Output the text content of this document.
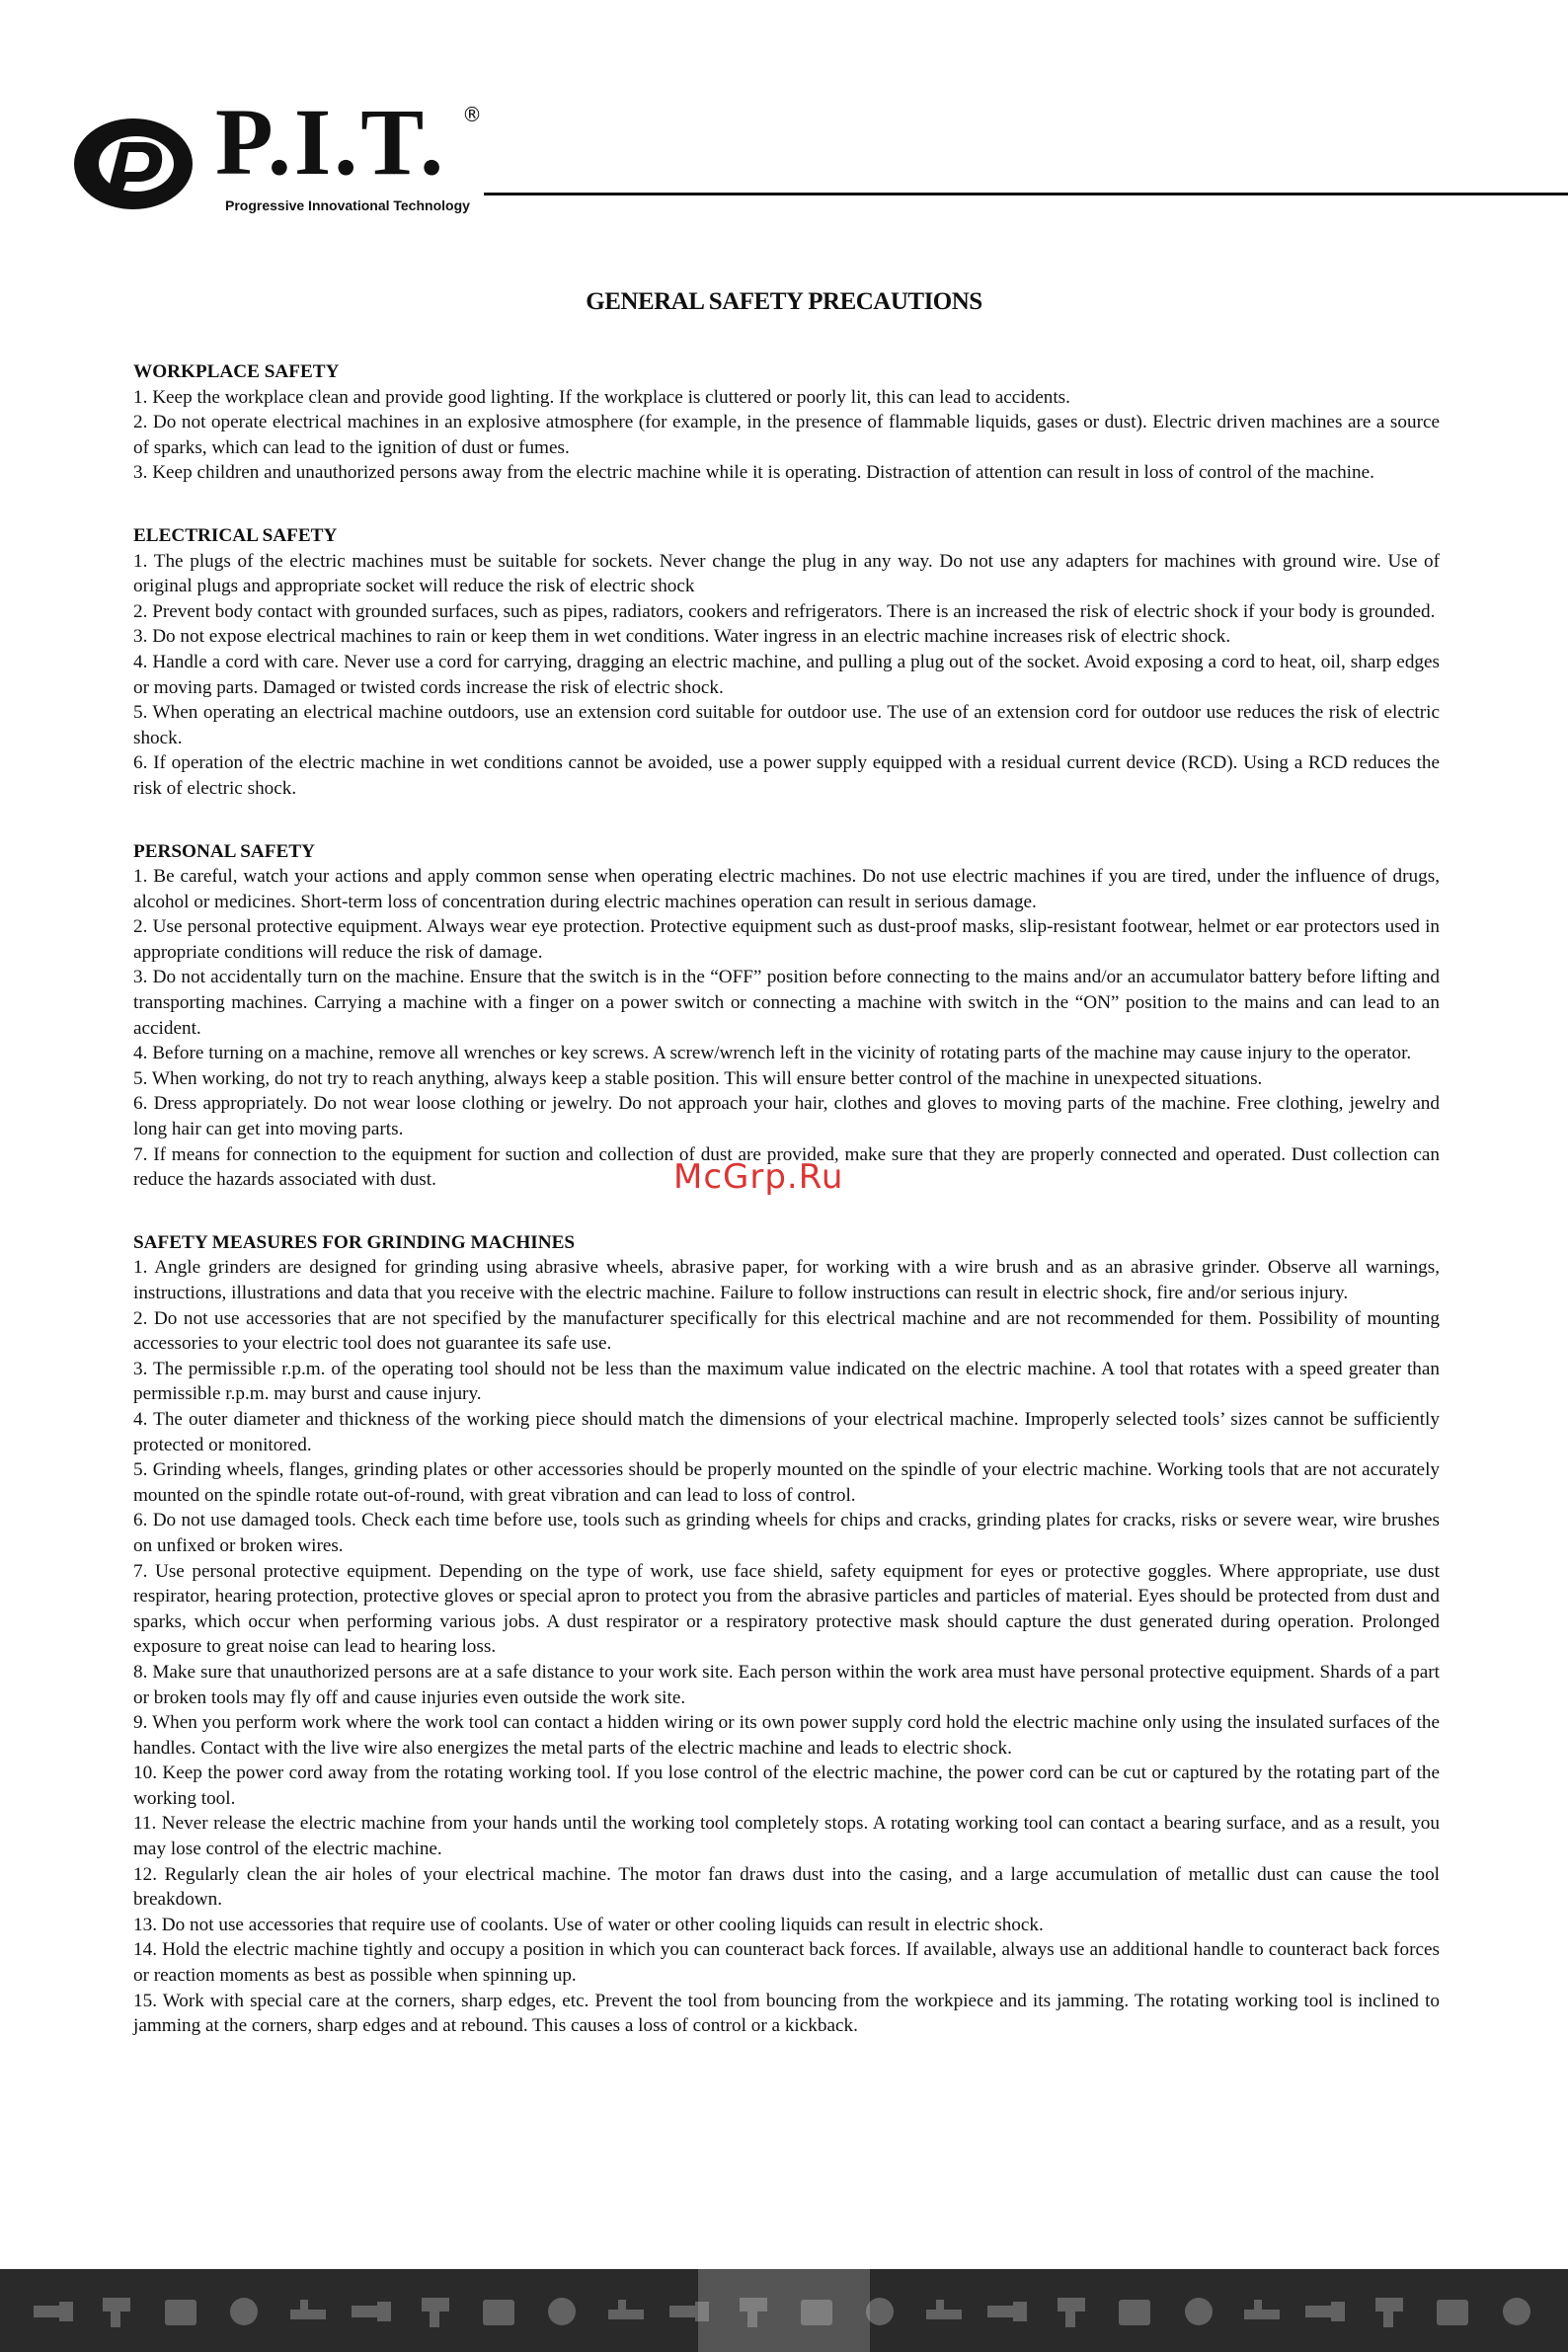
P.I.T. ®
Progressive Innovational Technology
GENERAL SAFETY PRECAUTIONS
WORKPLACE SAFETY

1. Keep the workplace clean and provide good lighting. If the workplace is cluttered or poorly lit, this can lead to accidents.

2. Do not operate electrical machines in an explosive atmosphere (for example, in the presence of flammable liquids, gases or dust). Electric driven machines are a source of sparks, which can lead to the ignition of dust or fumes.

3. Keep children and unauthorized persons away from the electric machine while it is operating. Distraction of attention can result in loss of control of the machine.

ELECTRICAL SAFETY

1. The plugs of the electric machines must be suitable for sockets. Never change the plug in any way. Do not use any adapters for machines with ground wire. Use of original plugs and appropriate socket will reduce the risk of electric shock

2. Prevent body contact with grounded surfaces, such as pipes, radiators, cookers and refrigerators. There is an increased the risk of electric shock if your body is grounded.

3. Do not expose electrical machines to rain or keep them in wet conditions. Water ingress in an electric machine increases risk of electric shock.

4. Handle a cord with care. Never use a cord for carrying, dragging an electric machine, and pulling a plug out of the socket. Avoid exposing a cord to heat, oil, sharp edges or moving parts. Damaged or twisted cords increase the risk of electric shock.

5. When operating an electrical machine outdoors, use an extension cord suitable for outdoor use. The use of an extension cord for outdoor use reduces the risk of electric shock.

6. If operation of the electric machine in wet conditions cannot be avoided, use a power supply equipped with a residual current device (RCD). Using a RCD reduces the risk of electric shock.

PERSONAL SAFETY

1. Be careful, watch your actions and apply common sense when operating electric machines. Do not use electric machines if you are tired, under the influence of drugs, alcohol or medicines. Short-term loss of concentration during electric machines operation can result in serious damage.

2. Use personal protective equipment. Always wear eye protection. Protective equipment such as dust-proof masks, slip-resistant footwear, helmet or ear protectors used in appropriate conditions will reduce the risk of damage.

3. Do not accidentally turn on the machine. Ensure that the switch is in the “OFF” position before connecting to the mains and/or an accumulator battery before lifting and transporting machines. Carrying a machine with a finger on a power switch or connecting a machine with switch in the “ON” position to the mains and can lead to an accident.

4. Before turning on a machine, remove all wrenches or key screws. A screw/wrench left in the vicinity of rotating parts of the machine may cause injury to the operator.

5. When working, do not try to reach anything, always keep a stable position. This will ensure better control of the machine in unexpected situations.

6. Dress appropriately. Do not wear loose clothing or jewelry. Do not approach your hair, clothes and gloves to moving parts of the machine. Free clothing, jewelry and long hair can get into moving parts.

7. If means for connection to the equipment for suction and collection of dust are provided, make sure that they are properly connected and operated. Dust collection can reduce the hazards associated with dust.

SAFETY MEASURES FOR GRINDING MACHINES

1. Angle grinders are designed for grinding using abrasive wheels, abrasive paper, for working with a wire brush and as an abrasive grinder. Observe all warnings, instructions, illustrations and data that you receive with the electric machine. Failure to follow instructions can result in electric shock, fire and/or serious injury.

2. Do not use accessories that are not specified by the manufacturer specifically for this electrical machine and are not recommended for them. Possibility of mounting accessories to your electric tool does not guarantee its safe use.

3. The permissible r.p.m. of the operating tool should not be less than the maximum value indicated on the electric machine. A tool that rotates with a speed greater than permissible r.p.m. may burst and cause injury.

4. The outer diameter and thickness of the working piece should match the dimensions of your electrical machine. Improperly selected tools’ sizes cannot be sufficiently protected or monitored.

5. Grinding wheels, flanges, grinding plates or other accessories should be properly mounted on the spindle of your electric machine. Working tools that are not accurately mounted on the spindle rotate out-of-round, with great vibration and can lead to loss of control.

6. Do not use damaged tools. Check each time before use, tools such as grinding wheels for chips and cracks, grinding plates for cracks, risks or severe wear, wire brushes on unfixed or broken wires.

7. Use personal protective equipment. Depending on the type of work, use face shield, safety equipment for eyes or protective goggles. Where appropriate, use dust respirator, hearing protection, protective gloves or special apron to protect you from the abrasive particles and particles of material. Eyes should be protected from dust and sparks, which occur when performing various jobs. A dust respirator or a respiratory protective mask should capture the dust generated during operation. Prolonged exposure to great noise can lead to hearing loss.

8. Make sure that unauthorized persons are at a safe distance to your work site. Each person within the work area must have personal protective equipment. Shards of a part or broken tools may fly off and cause injuries even outside the work site.

9. When you perform work where the work tool can contact a hidden wiring or its own power supply cord hold the electric machine only using the insulated surfaces of the handles. Contact with the live wire also energizes the metal parts of the electric machine and leads to electric shock.

10. Keep the power cord away from the rotating working tool. If you lose control of the electric machine, the power cord can be cut or captured by the rotating part of the working tool.

11. Never release the electric machine from your hands until the working tool completely stops. A rotating working tool can contact a bearing surface, and as a result, you may lose control of the electric machine.

12. Regularly clean the air holes of your electrical machine. The motor fan draws dust into the casing, and a large accumulation of metallic dust can cause the tool breakdown.

13. Do not use accessories that require use of coolants. Use of water or other cooling liquids can result in electric shock.

14. Hold the electric machine tightly and occupy a position in which you can counteract back forces. If available, always use an additional handle to counteract back forces or reaction moments as best as possible when spinning up.

15. Work with special care at the corners, sharp edges, etc. Prevent the tool from bouncing from the workpiece and its jamming. The rotating working tool is inclined to jamming at the corners, sharp edges and at rebound. This causes a loss of control or a kickback.

McGrp.Ru
